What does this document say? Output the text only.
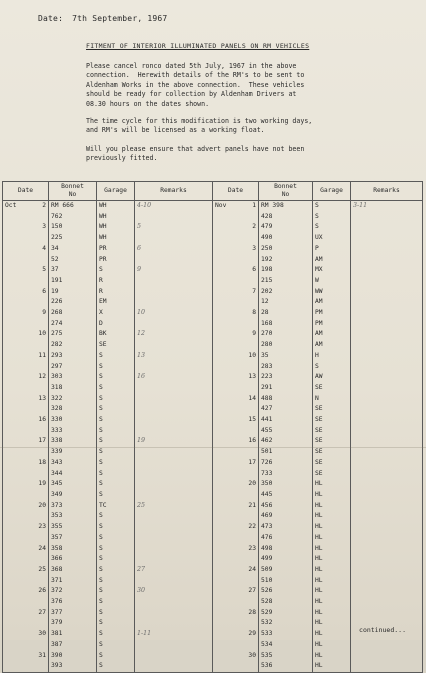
Date: 7th September, 1967
FITMENT OF INTERIOR ILLUMINATED PANELS ON RM VEHICLES
Please cancel ronco dated 5th July, 1967 in the above
connection.  Herewith details of the RM's to be sent to
Aldenham Works in the above connection.  These vehicles
should be ready for collection by Aldenham Drivers at
08.30 hours on the dates shown.
The time cycle for this modification is two working days,
and RM's will be licensed as a working float.
Will you please ensure that advert panels have not been
previously fitted.
Date	Bonnet
No	Garage	Remarks	Date	Bonnet
No	Garage	Remarks

Oct 2	RM 666	WH	4-10	Nov 1	RM 398	S	3-11

	762	WH			428	S	

3	150	WH	5	2	479	S	

	225	WH			490	UX	

4	34	PR	6	3	250	P	

	52	PR			192	AM	

5	37	S	9	6	198	MX	

	191	R			215	W	

6	19	R		7	202	WW	

	226	EM			12	AM	

9	268	X	10	8	28	PM	

	274	D			168	PM	

10	275	BK	12	9	270	AM	

	282	SE			280	AM	

11	293	S	13	10	35	H	

	297	S			283	S	

12	303	S	16	13	223	AW	

	318	S			291	SE	

13	322	S		14	488	N	

	328	S			427	SE	

16	330	S		15	441	SE	

	333	S			455	SE	

17	338	S	19	16	462	SE	

	339	S			501	SE	

18	343	S		17	726	SE	

	344	S			733	SE	

19	345	S		20	350	HL	

	349	S			445	HL	

20	373	TC	25	21	456	HL	

	353	S			469	HL	

23	355	S		22	473	HL	

	357	S			476	HL	

24	358	S		23	498	HL	

	366	S			499	HL	

25	368	S	27	24	509	HL	

	371	S			510	HL	

26	372	S	30	27	526	HL	

	376	S			528	HL	

27	377	S		28	529	HL	

	379	S			532	HL	

30	381	S	1-11	29	533	HL	

	387	S			534	HL	

31	390	S		30	535	HL	

	393	S			536	HL	
continued...
